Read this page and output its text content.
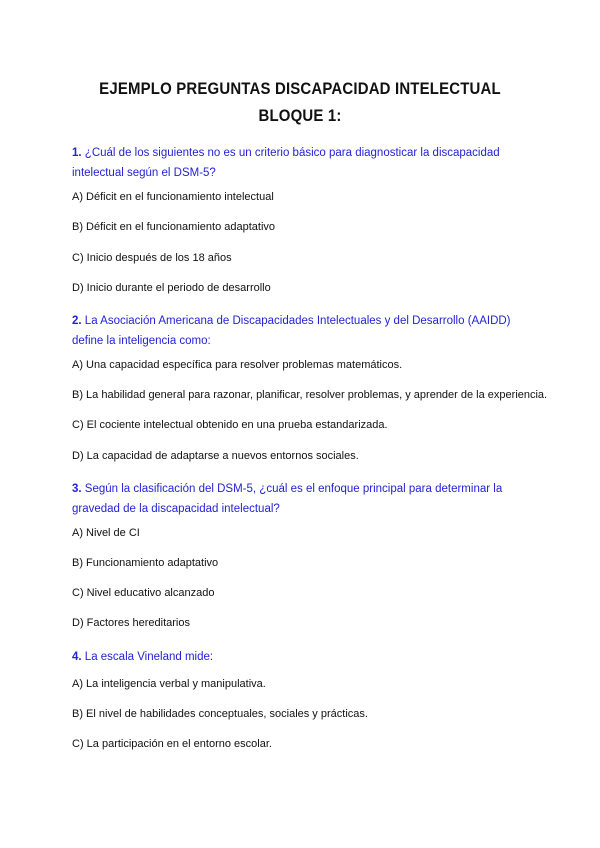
EJEMPLO PREGUNTAS DISCAPACIDAD INTELECTUAL
BLOQUE 1:
1. ¿Cuál de los siguientes no es un criterio básico para diagnosticar la discapacidad intelectual según el DSM-5?
A) Déficit en el funcionamiento intelectual
B) Déficit en el funcionamiento adaptativo
C) Inicio después de los 18 años
D) Inicio durante el periodo de desarrollo
2. La Asociación Americana de Discapacidades Intelectuales y del Desarrollo (AAIDD) define la inteligencia como:
A) Una capacidad específica para resolver problemas matemáticos.
B) La habilidad general para razonar, planificar, resolver problemas, y aprender de la experiencia.
C) El cociente intelectual obtenido en una prueba estandarizada.
D) La capacidad de adaptarse a nuevos entornos sociales.
3. Según la clasificación del DSM-5, ¿cuál es el enfoque principal para determinar la gravedad de la discapacidad intelectual?
A) Nivel de CI
B) Funcionamiento adaptativo
C) Nivel educativo alcanzado
D) Factores hereditarios
4. La escala Vineland mide:
A) La inteligencia verbal y manipulativa.
B) El nivel de habilidades conceptuales, sociales y prácticas.
C) La participación en el entorno escolar.
